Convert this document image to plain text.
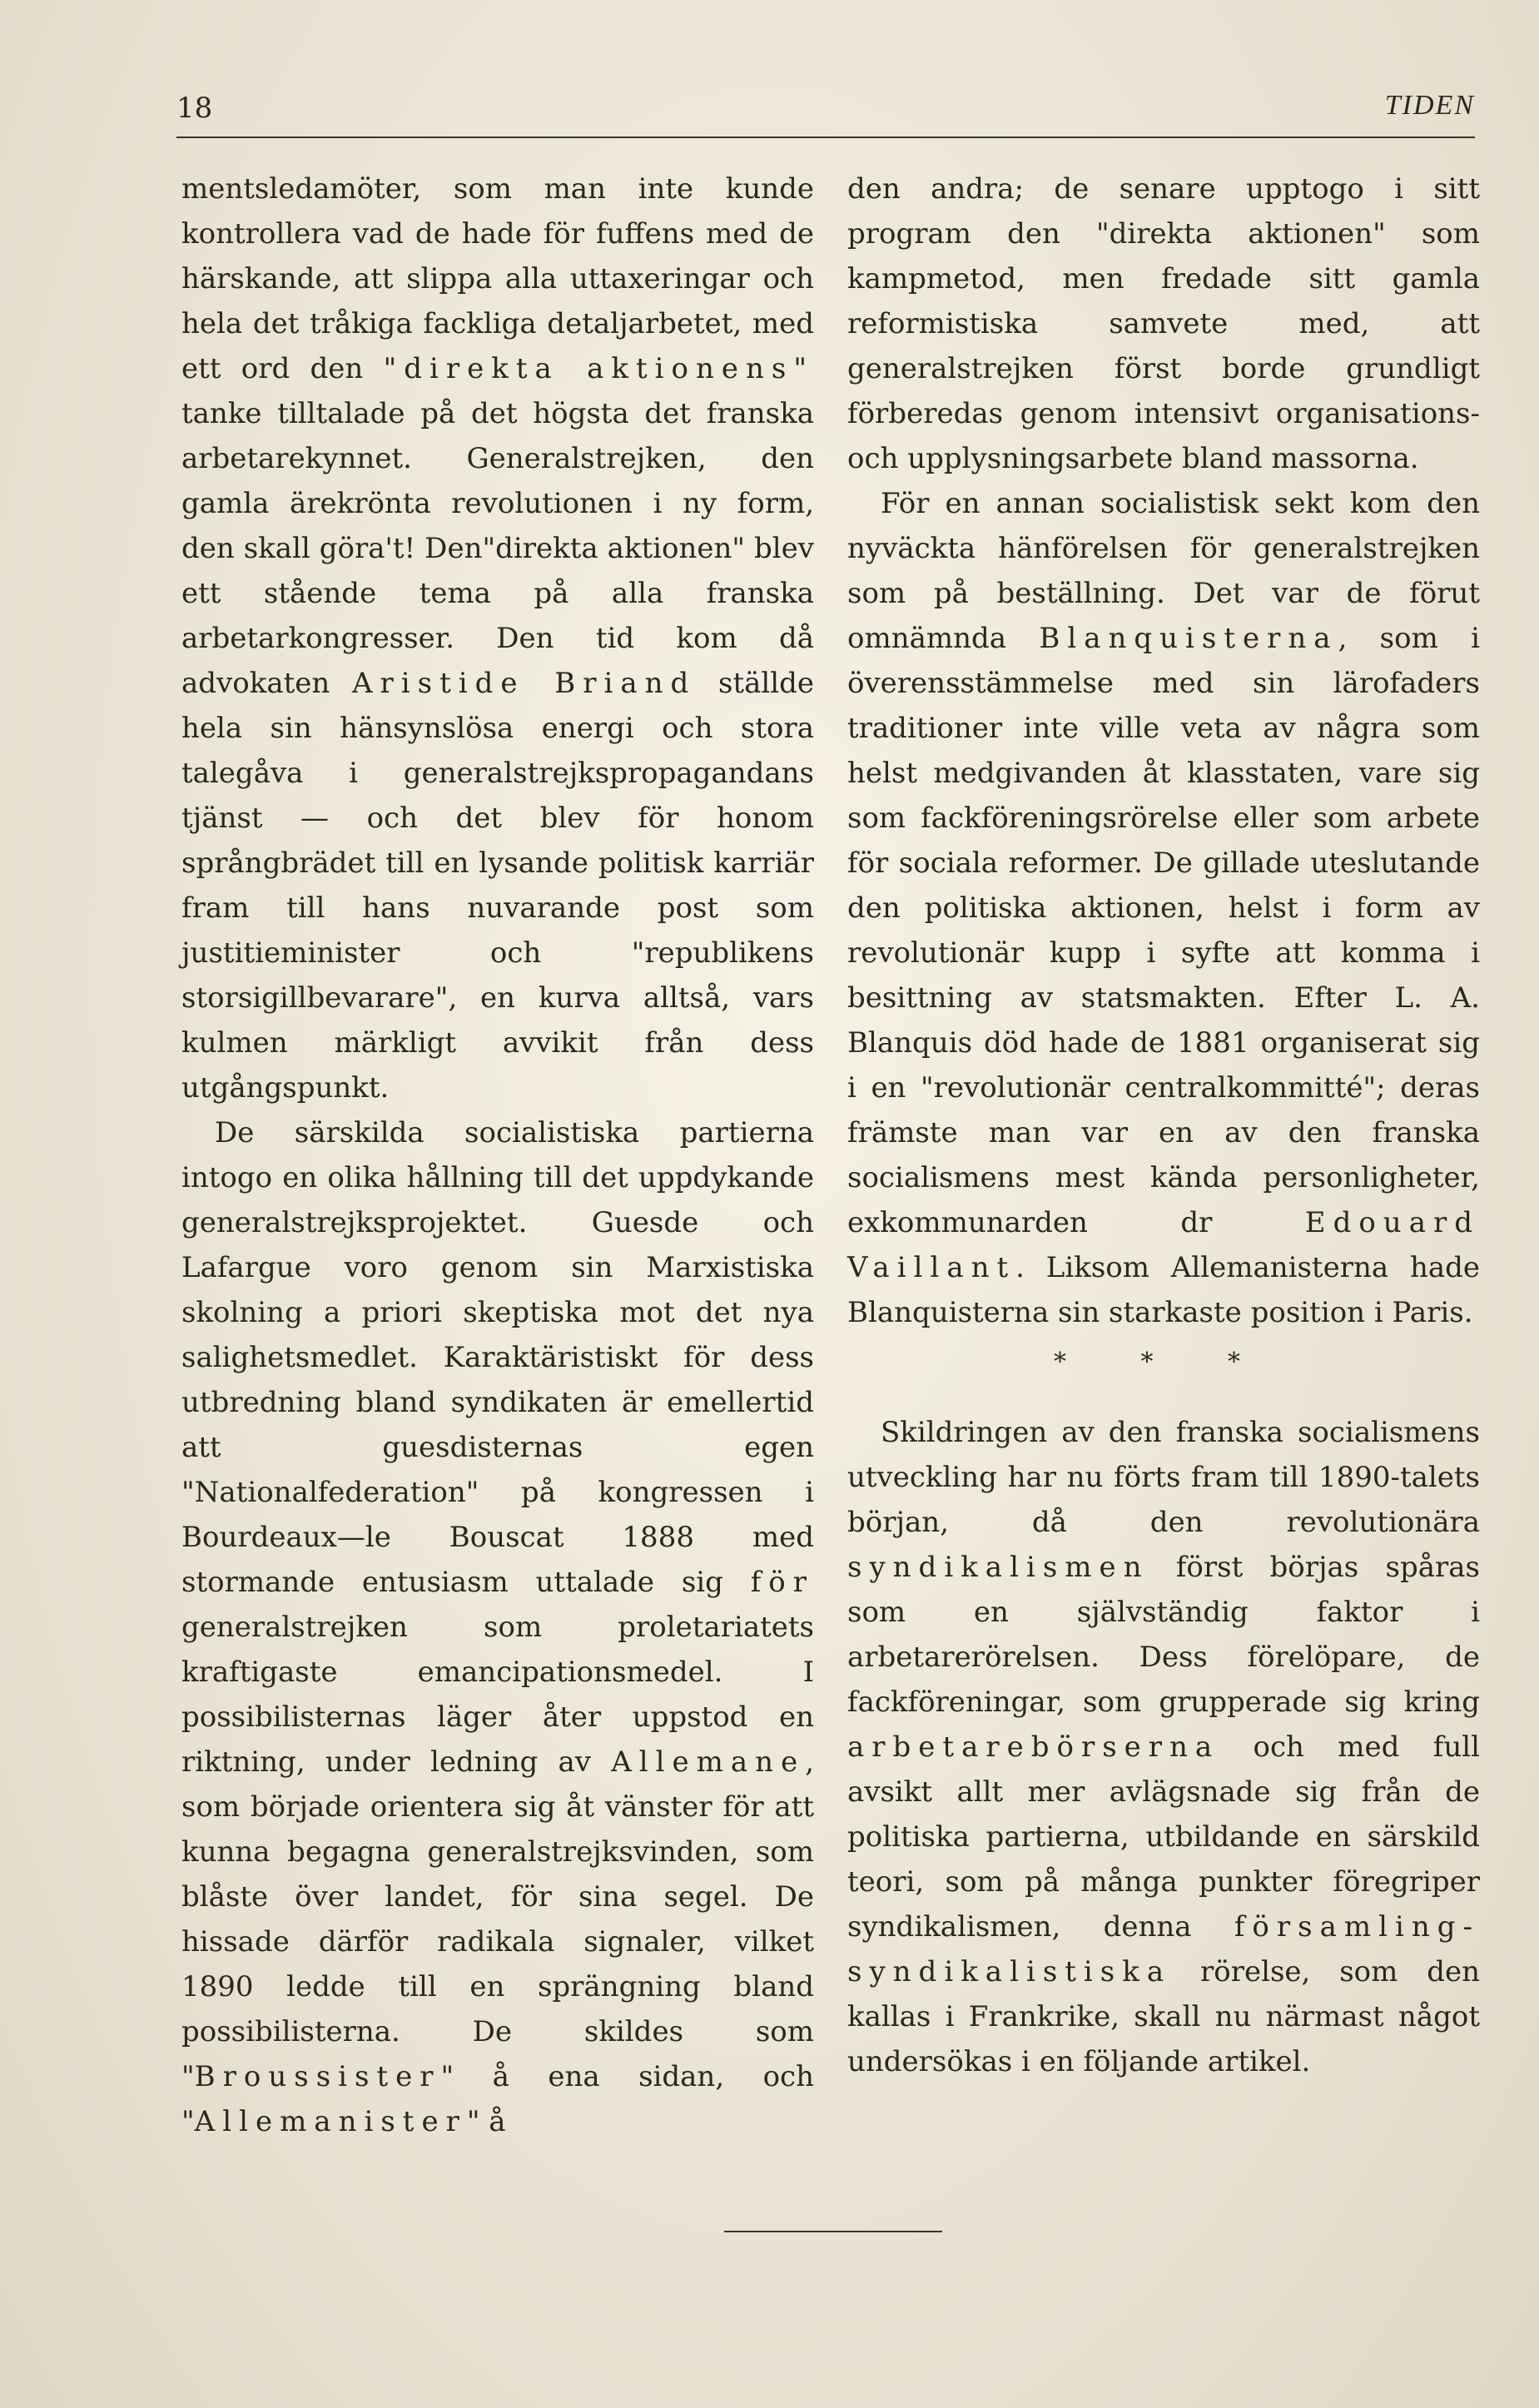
18	TIDEN

mentsledamöter, som man inte kunde kontrollera vad de hade för fuffens med de härskande, att slippa alla uttaxeringar och hela det tråkiga fackliga detaljarbetet, med ett ord den "direkta aktionens" tanke tilltalade på det högsta det franska arbetarekynnet. Generalstrejken, den gamla ärekrönta revolutionen i ny form, den skall göra't! Den"direkta aktionen" blev ett stående tema på alla franska arbetarkongresser. Den tid kom då advokaten Aristide Briand ställde hela sin hänsynslösa energi och stora talegåva i generalstrejkspropagandans tjänst — och det blev för honom språngbrädet till en lysande politisk karriär fram till hans nuvarande post som justitieminister och "republikens storsigillbevarare", en kurva alltså, vars kulmen märkligt avvikit från dess utgångspunkt.

De särskilda socialistiska partierna intogo en olika hållning till det uppdykande generalstrejksprojektet. Guesde och Lafargue voro genom sin Marxistiska skolning a priori skeptiska mot det nya salighetsmedlet. Karaktäristiskt för dess utbredning bland syndikaten är emellertid att guesdisternas egen "Nationalfederation" på kongressen i Bourdeaux—le Bouscat 1888 med stormande entusiasm uttalade sig för generalstrejken som proletariatets kraftigaste emancipationsmedel. I possibilisternas läger åter uppstod en riktning, under ledning av Allemane, som började orientera sig åt vänster för att kunna begagna generalstrejksvinden, som blåste över landet, för sina segel. De hissade därför radikala signaler, vilket 1890 ledde till en sprängning bland possibilisterna. De skildes som "Broussister" å ena sidan, och "Allemanister" å

den andra; de senare upptogo i sitt program den "direkta aktionen" som kampmetod, men fredade sitt gamla reformistiska samvete med, att generalstrejken först borde grundligt förberedas genom intensivt organisations- och upplysningsarbete bland massorna.

För en annan socialistisk sekt kom den nyväckta hänförelsen för generalstrejken som på beställning. Det var de förut omnämnda Blanquisterna, som i överensstämmelse med sin lärofaders traditioner inte ville veta av några som helst medgivanden åt klasstaten, vare sig som fackföreningsrörelse eller som arbete för sociala reformer. De gillade uteslutande den politiska aktionen, helst i form av revolutionär kupp i syfte att komma i besittning av statsmakten. Efter L. A. Blanquis död hade de 1881 organiserat sig i en "revolutionär centralkommitté"; deras främste man var en av den franska socialismens mest kända personligheter, exkommunarden dr Edouard Vaillant. Liksom Allemanisterna hade Blanquisterna sin starkaste position i Paris.

* * *

Skildringen av den franska socialismens utveckling har nu förts fram till 1890-talets början, då den revolutionära syndikalismen först börjas spåras som en självständig faktor i arbetarerörelsen. Dess förelöpare, de fackföreningar, som grupperade sig kring arbetarebörserna och med full avsikt allt mer avlägsnade sig från de politiska partierna, utbildande en särskild teori, som på många punkter föregriper syndikalismen, denna församling-syndikalistiska rörelse, som den kallas i Frankrike, skall nu närmast något undersökas i en följande artikel.
